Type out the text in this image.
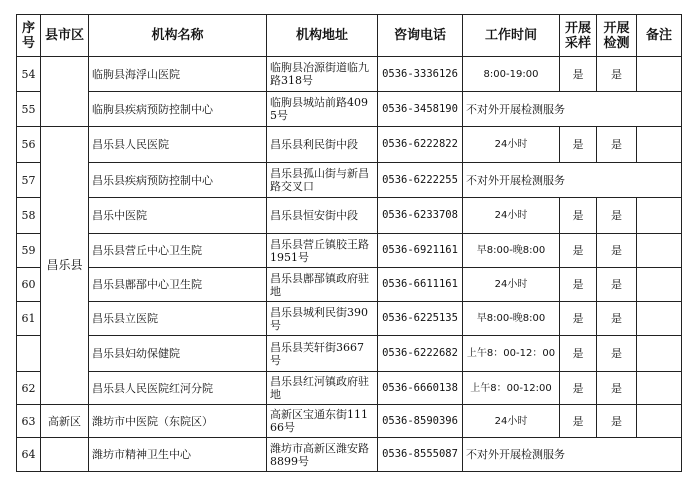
序号	县市区	机构名称	机构地址	咨询电话	工作时间	开展采样	开展检测	备注
54		临朐县海浮山医院	临朐县冶源街道临九路318号	0536-3336126	8:00-19:00	是	是	
55		临朐县疾病预防控制中心	临朐县城站前路4095号	0536-3458190	不对外开展检测服务			
56	昌乐县	昌乐县人民医院	昌乐县利民街中段	0536-6222822	24小时	是	是	
57		昌乐县疾病预防控制中心	昌乐县孤山街与新昌路交叉口	0536-6222255	不对外开展检测服务			
58		昌乐中医院	昌乐县恒安街中段	0536-6233708	24小时	是	是	
59		昌乐县营丘中心卫生院	昌乐县营丘镇胶王路1951号	0536-6921161	早8:00-晚8:00	是	是	
60		昌乐县鄌郚中心卫生院	昌乐县鄌郚镇政府驻地	0536-6611161	24小时	是	是	
61		昌乐县立医院	昌乐县城利民街390号	0536-6225135	早8:00-晚8:00	是	是	
		昌乐县妇幼保健院	昌乐县芙轩街3667号	0536-6222682	上午8：00-12：00	是	是	
62		昌乐县人民医院红河分院	昌乐县红河镇政府驻地	0536-6660138	上午8：00-12:00	是	是	
63	高新区	潍坊市中医院（东院区）	高新区宝通东街11166号	0536-8590396	24小时	是	是	
64		潍坊市精神卫生中心	潍坊市高新区潍安路8899号	0536-8555087	不对外开展检测服务			
